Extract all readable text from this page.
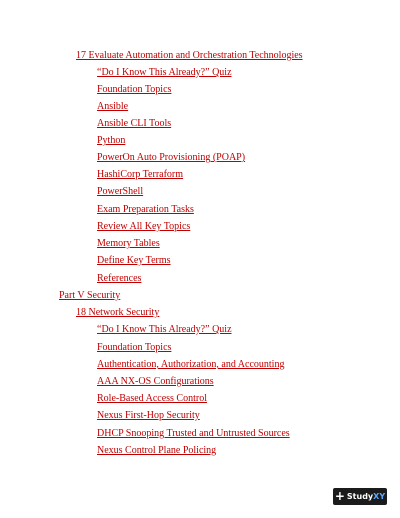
17 Evaluate Automation and Orchestration Technologies
“Do I Know This Already?” Quiz
Foundation Topics
Ansible
Ansible CLI Tools
Python
PowerOn Auto Provisioning (POAP)
HashiCorp Terraform
PowerShell
Exam Preparation Tasks
Review All Key Topics
Memory Tables
Define Key Terms
References
Part V Security
18 Network Security
“Do I Know This Already?” Quiz
Foundation Topics
Authentication, Authorization, and Accounting
AAA NX-OS Configurations
Role-Based Access Control
Nexus First-Hop Security
DHCP Snooping Trusted and Untrusted Sources
Nexus Control Plane Policing
+ StudyXY
